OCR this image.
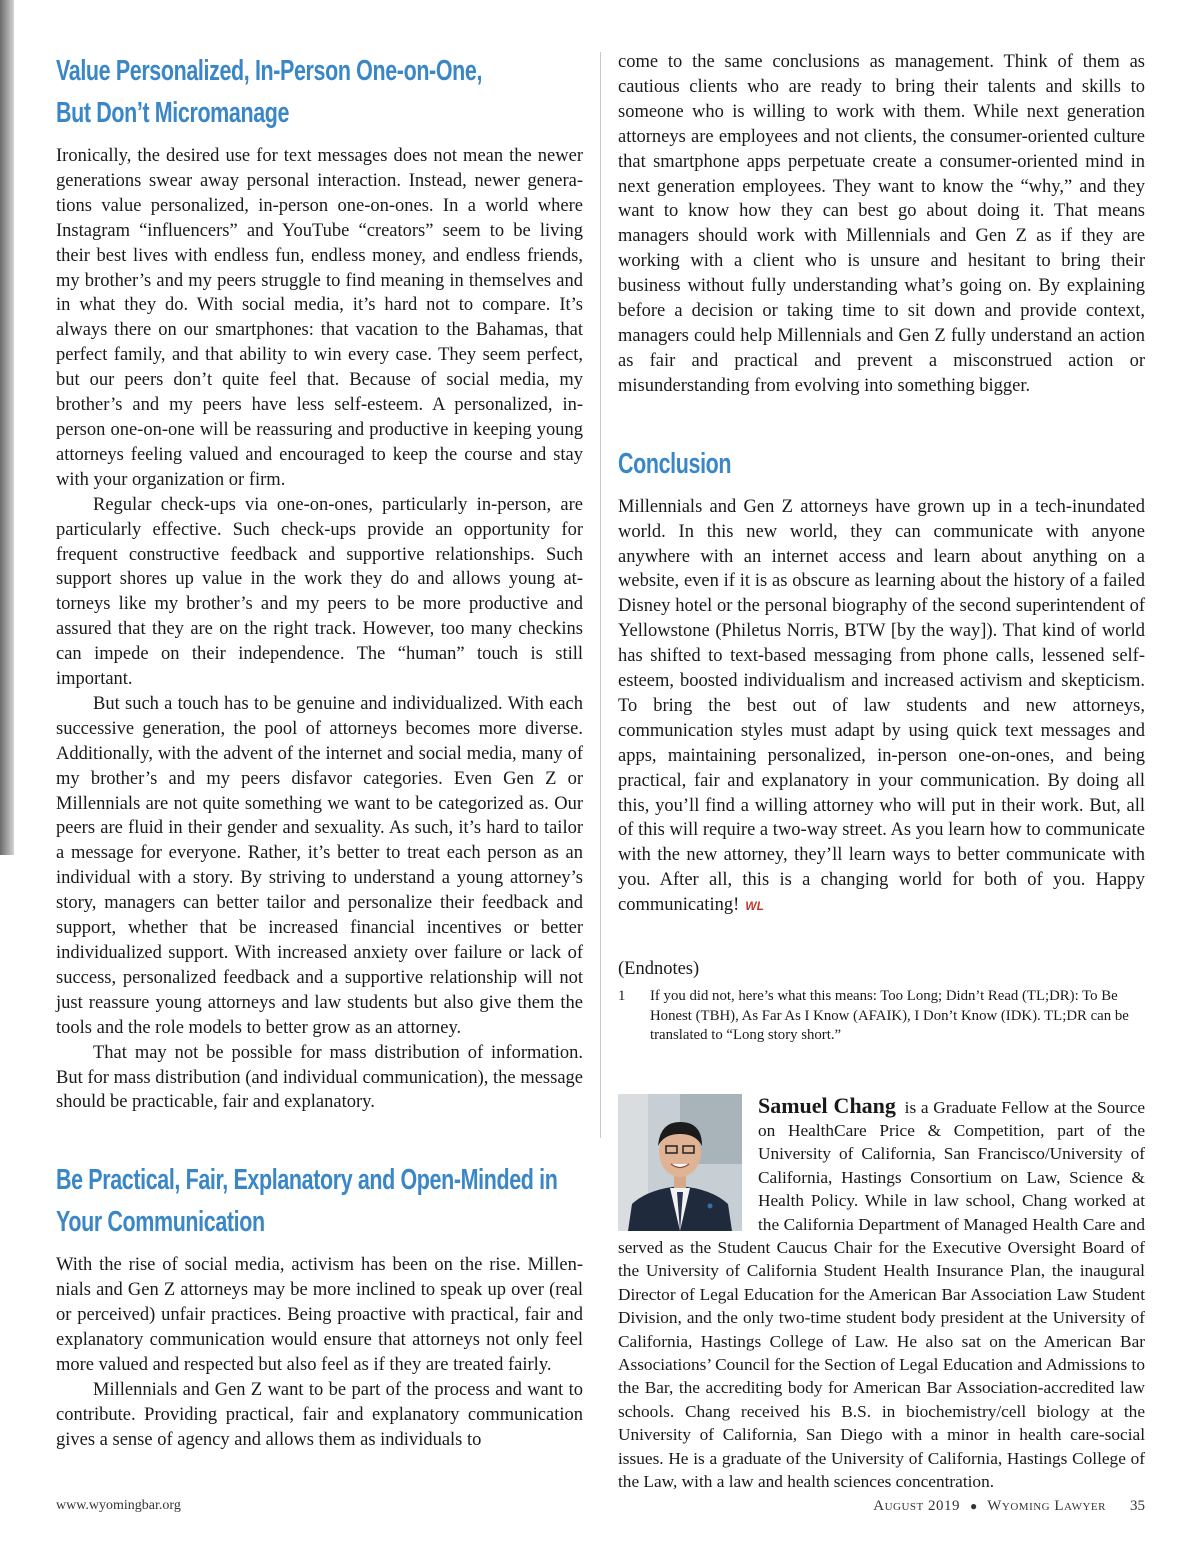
Value Personalized, In-Person One-on-One,
But Don’t Micromanage

Ironically, the desired use for text messages does not mean the newer generations swear away personal interaction. Instead, newer generations value personalized, in-person one-on-ones. In a world where Instagram “influencers” and YouTube “creators” seem to be living their best lives with endless fun, endless money, and endless friends, my brother’s and my peers struggle to find meaning in themselves and in what they do. With social media, it’s hard not to compare. It’s always there on our smartphones: that vacation to the Bahamas, that perfect family, and that ability to win every case. They seem perfect, but our peers don’t quite feel that. Because of social media, my brother’s and my peers have less self-esteem. A personalized, in-person one-on-one will be reassuring and productive in keeping young attorneys feeling valued and encouraged to keep the course and stay with your organization or firm.

Regular check-ups via one-on-ones, particularly in-person, are particularly effective. Such check-ups provide an opportunity for frequent constructive feedback and supportive relationships. Such support shores up value in the work they do and allows young attorneys like my brother’s and my peers to be more productive and assured that they are on the right track. However, too many checkins can impede on their independence. The “human” touch is still important.

But such a touch has to be genuine and individualized. With each successive generation, the pool of attorneys becomes more diverse. Additionally, with the advent of the internet and social media, many of my brother’s and my peers disfavor categories. Even Gen Z or Millennials are not quite something we want to be categorized as. Our peers are fluid in their gender and sexuality. As such, it’s hard to tailor a message for everyone. Rather, it’s better to treat each person as an individual with a story. By striving to understand a young attorney’s story, managers can better tailor and personalize their feedback and support, whether that be increased financial incentives or better individualized support. With increased anxiety over failure or lack of success, personalized feedback and a supportive relationship will not just reassure young attorneys and law students but also give them the tools and the role models to better grow as an attorney.

That may not be possible for mass distribution of information. But for mass distribution (and individual communication), the message should be practicable, fair and explanatory.

Be Practical, Fair, Explanatory and Open-Minded in
Your Communication

With the rise of social media, activism has been on the rise. Millennials and Gen Z attorneys may be more inclined to speak up over (real or perceived) unfair practices. Being proactive with practical, fair and explanatory communication would ensure that attorneys not only feel more valued and respected but also feel as if they are treated fairly.

Millennials and Gen Z want to be part of the process and want to contribute. Providing practical, fair and explanatory communication gives a sense of agency and allows them as individuals to

come to the same conclusions as management. Think of them as cautious clients who are ready to bring their talents and skills to someone who is willing to work with them. While next generation attorneys are employees and not clients, the consumer-oriented culture that smartphone apps perpetuate create a consumer-oriented mind in next generation employees. They want to know the “why,” and they want to know how they can best go about doing it. That means managers should work with Millennials and Gen Z as if they are working with a client who is unsure and hesitant to bring their business without fully understanding what’s going on. By explaining before a decision or taking time to sit down and provide context, managers could help Millennials and Gen Z fully understand an action as fair and practical and prevent a misconstrued action or misunderstanding from evolving into something bigger.

Conclusion

Millennials and Gen Z attorneys have grown up in a tech-inundated world. In this new world, they can communicate with anyone anywhere with an internet access and learn about anything on a website, even if it is as obscure as learning about the history of a failed Disney hotel or the personal biography of the second superintendent of Yellowstone (Philetus Norris, BTW [by the way]). That kind of world has shifted to text-based messaging from phone calls, lessened self-esteem, boosted individualism and increased activism and skepticism. To bring the best out of law students and new attorneys, communication styles must adapt by using quick text messages and apps, maintaining personalized, in-person one-on-ones, and being practical, fair and explanatory in your communication. By doing all this, you’ll find a willing attorney who will put in their work. But, all of this will require a two-way street. As you learn how to communicate with the new attorney, they’ll learn ways to better communicate with you. After all, this is a changing world for both of you. Happy communicating! WL

(Endnotes)
1	If you did not, here’s what this means: Too Long; Didn’t Read (TL;DR): To Be Honest (TBH), As Far As I Know (AFAIK), I Don’t Know (IDK). TL;DR can be translated to “Long story short.”
Samuel Chang is a Graduate Fellow at the Source on HealthCare Price & Competition, part of the University of California, San Francisco/University of California, Hastings Consortium on Law, Science & Health Policy. While in law school, Chang worked at the California Department of Managed Health Care and served as the Student Caucus Chair for the Executive Oversight Board of the University of California Student Health Insurance Plan, the inaugural Director of Legal Education for the American Bar Association Law Student Division, and the only two-time student body president at the University of California, Hastings College of Law. He also sat on the American Bar Associations’ Council for the Section of Legal Education and Admissions to the Bar, the accrediting body for American Bar Association-accredited law schools. Chang received his B.S. in biochemistry/cell biology at the University of California, San Diego with a minor in health care-social issues. He is a graduate of the University of California, Hastings College of the Law, with a law and health sciences concentration.
www.wyomingbar.org	August 2019 ● Wyoming Lawyer 35
